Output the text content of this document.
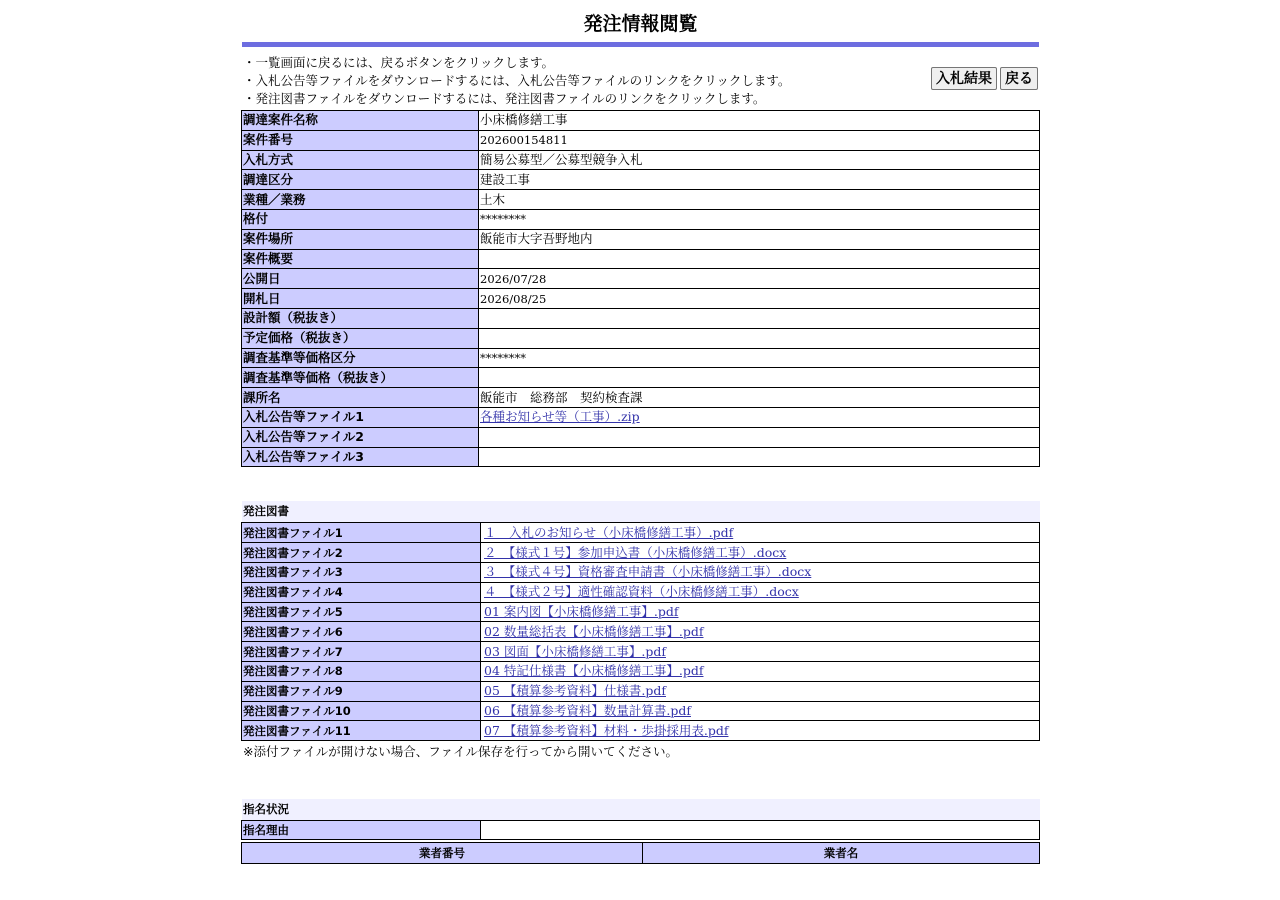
発注情報閲覧
・一覧画面に戻るには、戻るボタンをクリックします。
・入札公告等ファイルをダウンロードするには、入札公告等ファイルのリンクをクリックします。
・発注図書ファイルをダウンロードするには、発注図書ファイルのリンクをクリックします。
入札結果 戻る
調達案件名称	小床橋修繕工事
案件番号	202600154811
入札方式	簡易公募型／公募型競争入札
調達区分	建設工事
業種／業務	土木
格付	********
案件場所	飯能市大字吾野地内
案件概要	
公開日	2026/07/28
開札日	2026/08/25
設計額（税抜き）	
予定価格（税抜き）	
調査基準等価格区分	********
調査基準等価格（税抜き）	
課所名	飯能市　総務部　契約検査課
入札公告等ファイル1	各種お知らせ等（工事）.zip
入札公告等ファイル2	
入札公告等ファイル3	
発注図書
発注図書ファイル1	１　入札のお知らせ（小床橋修繕工事）.pdf
発注図書ファイル2	２　【様式１号】参加申込書（小床橋修繕工事）.docx
発注図書ファイル3	３　【様式４号】資格審査申請書（小床橋修繕工事）.docx
発注図書ファイル4	４　【様式２号】適性確認資料（小床橋修繕工事）.docx
発注図書ファイル5	01 案内図【小床橋修繕工事】.pdf
発注図書ファイル6	02 数量総括表【小床橋修繕工事】.pdf
発注図書ファイル7	03 図面【小床橋修繕工事】.pdf
発注図書ファイル8	04 特記仕様書【小床橋修繕工事】.pdf
発注図書ファイル9	05 【積算参考資料】仕様書.pdf
発注図書ファイル10	06 【積算参考資料】数量計算書.pdf
発注図書ファイル11	07 【積算参考資料】材料・歩掛採用表.pdf
※添付ファイルが開けない場合、ファイル保存を行ってから開いてください。
指名状況
指名理由	
業者番号	業者名
